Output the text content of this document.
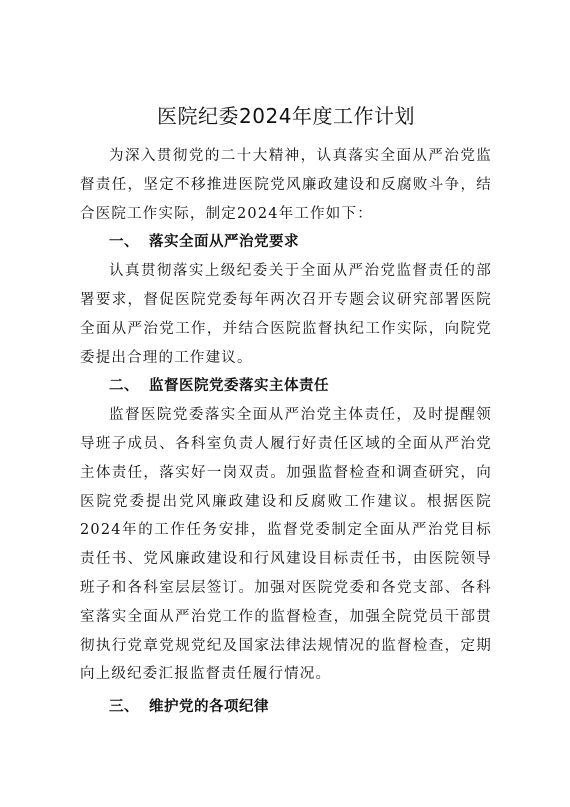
医院纪委2024年度工作计划

为深入贯彻党的二十大精神，认真落实全面从严治党监督责任，坚定不移推进医院党风廉政建设和反腐败斗争，结合医院工作实际，制定2024年工作如下：

一、 落实全面从严治党要求

认真贯彻落实上级纪委关于全面从严治党监督责任的部署要求，督促医院党委每年两次召开专题会议研究部署医院全面从严治党工作，并结合医院监督执纪工作实际，向院党委提出合理的工作建议。

二、 监督医院党委落实主体责任

监督医院党委落实全面从严治党主体责任，及时提醒领导班子成员、各科室负责人履行好责任区域的全面从严治党主体责任，落实好一岗双责。加强监督检查和调查研究，向医院党委提出党风廉政建设和反腐败工作建议。根据医院2024年的工作任务安排，监督党委制定全面从严治党目标责任书、党风廉政建设和行风建设目标责任书，由医院领导班子和各科室层层签订。加强对医院党委和各党支部、各科室落实全面从严治党工作的监督检查，加强全院党员干部贯彻执行党章党规党纪及国家法律法规情况的监督检查，定期向上级纪委汇报监督责任履行情况。

三、 维护党的各项纪律
